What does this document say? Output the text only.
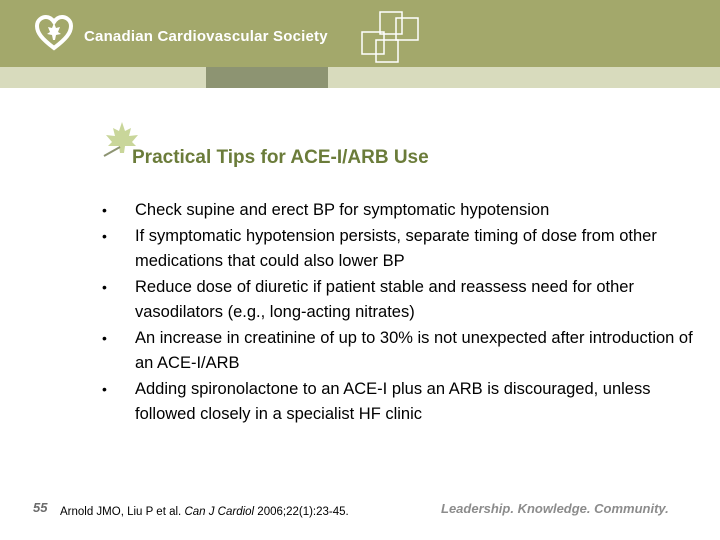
Canadian Cardiovascular Society
Practical Tips for ACE-I/ARB Use
• Check supine and erect BP for symptomatic hypotension
• If symptomatic hypotension persists, separate timing of dose from other medications that could also lower BP
• Reduce dose of diuretic if patient stable and reassess need for other vasodilators (e.g., long-acting nitrates)
• An increase in creatinine of up to 30% is not unexpected after introduction of an ACE-I/ARB
• Adding spironolactone to an ACE-I plus an ARB is discouraged, unless followed closely in a specialist HF clinic
55 Arnold JMO, Liu P et al. Can J Cardiol 2006;22(1):23-45.	Leadership. Knowledge. Community.
